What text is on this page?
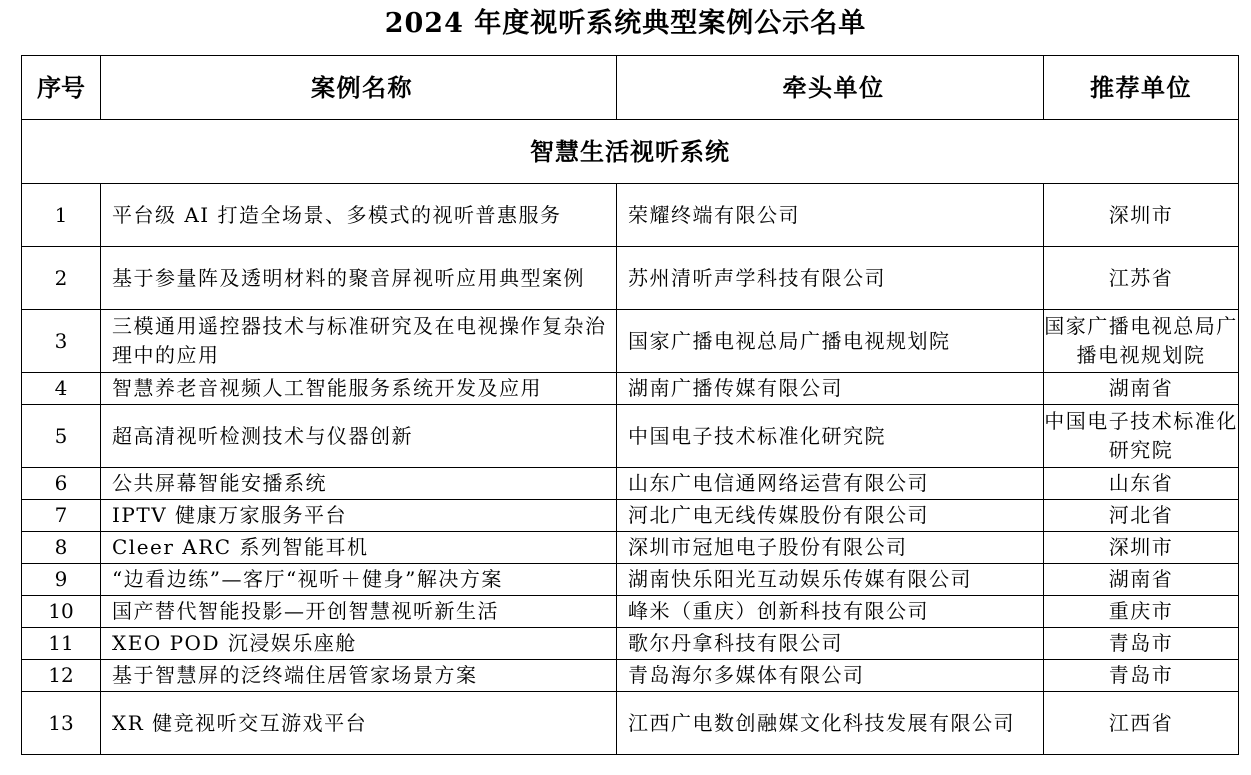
2024 年度视听系统典型案例公示名单
序号	案例名称	牵头单位	推荐单位
智慧生活视听系统			
1	平台级 AI 打造全场景、多模式的视听普惠服务	荣耀终端有限公司	深圳市
2	基于参量阵及透明材料的聚音屏视听应用典型案例	苏州清听声学科技有限公司	江苏省
3	三模通用遥控器技术与标准研究及在电视操作复杂治理中的应用	国家广播电视总局广播电视规划院	国家广播电视总局广播电视规划院
4	智慧养老音视频人工智能服务系统开发及应用	湖南广播传媒有限公司	湖南省
5	超高清视听检测技术与仪器创新	中国电子技术标准化研究院	中国电子技术标准化研究院
6	公共屏幕智能安播系统	山东广电信通网络运营有限公司	山东省
7	IPTV 健康万家服务平台	河北广电无线传媒股份有限公司	河北省
8	Cleer ARC 系列智能耳机	深圳市冠旭电子股份有限公司	深圳市
9	“边看边练”—客厅“视听＋健身”解决方案	湖南快乐阳光互动娱乐传媒有限公司	湖南省
10	国产替代智能投影—开创智慧视听新生活	峰米（重庆）创新科技有限公司	重庆市
11	XEO POD 沉浸娱乐座舱	歌尔丹拿科技有限公司	青岛市
12	基于智慧屏的泛终端住居管家场景方案	青岛海尔多媒体有限公司	青岛市
13	XR 健竞视听交互游戏平台	江西广电数创融媒文化科技发展有限公司	江西省
